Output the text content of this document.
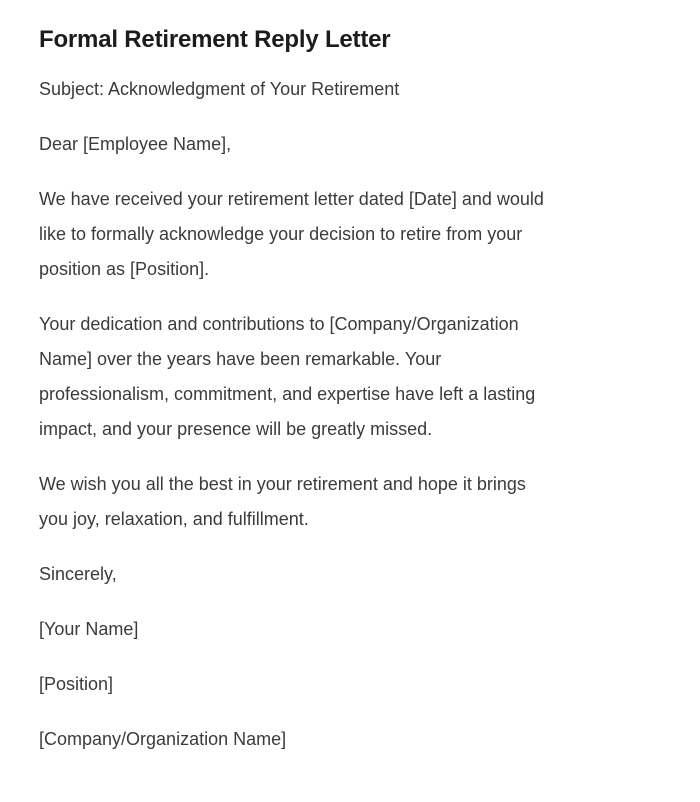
Formal Retirement Reply Letter
Subject: Acknowledgment of Your Retirement
Dear [Employee Name],
We have received your retirement letter dated [Date] and would
like to formally acknowledge your decision to retire from your
position as [Position].
Your dedication and contributions to [Company/Organization
Name] over the years have been remarkable. Your
professionalism, commitment, and expertise have left a lasting
impact, and your presence will be greatly missed.
We wish you all the best in your retirement and hope it brings
you joy, relaxation, and fulfillment.
Sincerely,
[Your Name]
[Position]
[Company/Organization Name]
